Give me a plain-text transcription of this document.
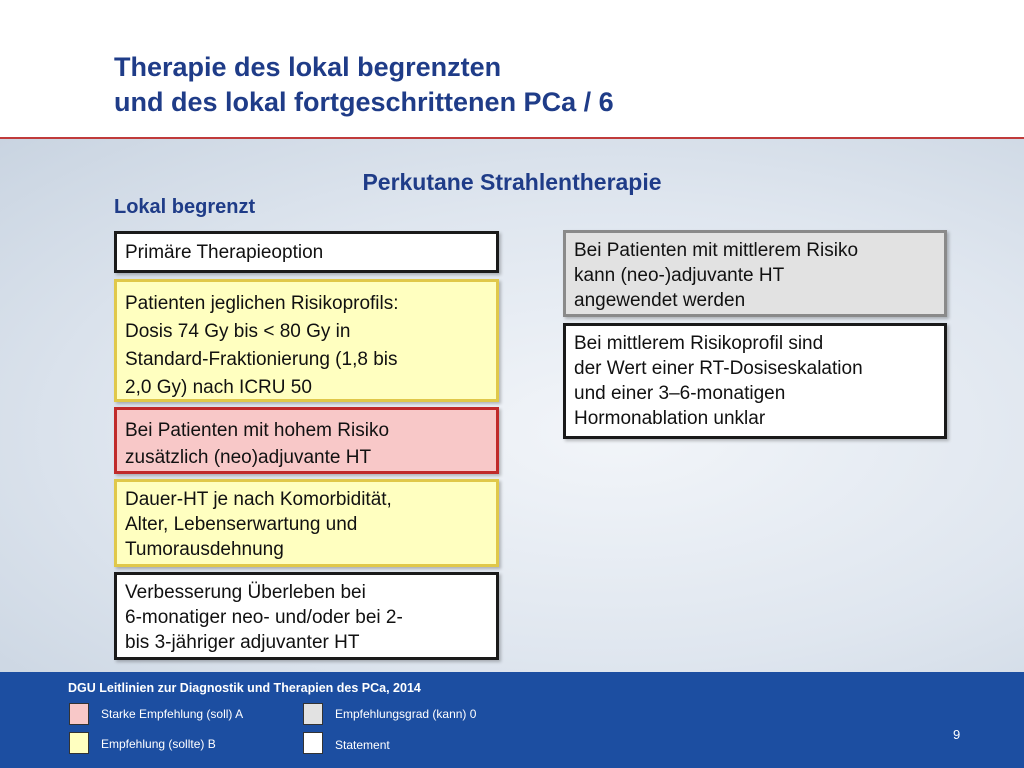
Therapie des lokal begrenzten
und des lokal fortgeschrittenen PCa / 6
Perkutane Strahlentherapie
Lokal begrenzt
Primäre Therapieoption
Patienten jeglichen Risikoprofils:
Dosis 74 Gy bis < 80 Gy in
Standard-Fraktionierung (1,8 bis
2,0 Gy) nach ICRU 50
Bei Patienten mit hohem Risiko
zusätzlich (neo)adjuvante HT
Dauer-HT je nach Komorbidität,
Alter, Lebenserwartung und
Tumorausdehnung
Verbesserung Überleben bei
6-monatiger neo- und/oder bei 2-
bis 3-jähriger adjuvanter HT
Bei Patienten mit mittlerem Risiko
kann (neo-)adjuvante HT
angewendet werden
Bei mittlerem Risikoprofil sind
der Wert einer RT-Dosiseskalation
und einer 3–6-monatigen
Hormonablation unklar
DGU Leitlinien zur Diagnostik und Therapien des PCa, 2014
Starke Empfehlung (soll) A	Empfehlungsgrad (kann) 0
Empfehlung (sollte) B	Statement
9
